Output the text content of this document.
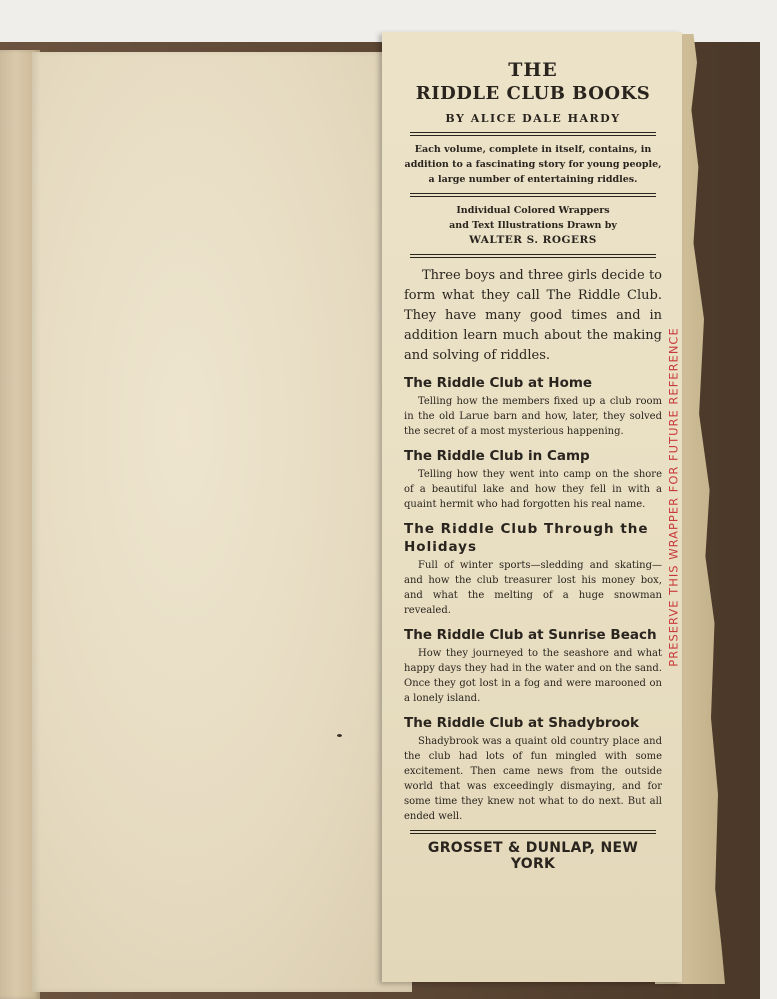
THE
RIDDLE CLUB BOOKS
BY ALICE DALE HARDY
Each volume, complete in itself, contains, in addition to a fascinating story for young people, a large number of entertaining riddles.
Individual Colored Wrappers
and Text Illustrations Drawn by
WALTER S. ROGERS

Three boys and three girls decide to form what they call The Riddle Club. They have many good times and in addition learn much about the making and solving of riddles.

The Riddle Club at Home

Telling how the members fixed up a club room in the old Larue barn and how, later, they solved the secret of a most mysterious happening.

The Riddle Club in Camp

Telling how they went into camp on the shore of a beautiful lake and how they fell in with a quaint hermit who had forgotten his real name.

The Riddle Club Through the Holidays

Full of winter sports—sledding and skating—and how the club treasurer lost his money box, and what the melting of a huge snowman revealed.

The Riddle Club at Sunrise Beach

How they journeyed to the seashore and what happy days they had in the water and on the sand. Once they got lost in a fog and were marooned on a lonely island.

The Riddle Club at Shadybrook

Shadybrook was a quaint old country place and the club had lots of fun mingled with some excitement. Then came news from the outside world that was exceedingly dismaying, and for some time they knew not what to do next. But all ended well.

GROSSET & DUNLAP, NEW YORK
PRESERVE THIS WRAPPER FOR FUTURE REFERENCE
